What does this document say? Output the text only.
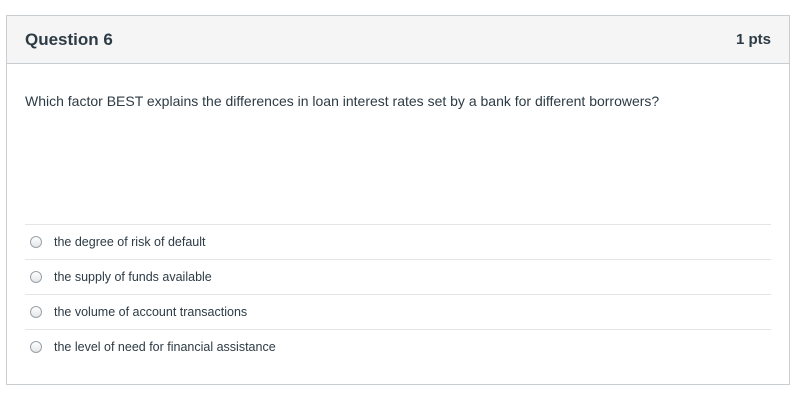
Question 6	1 pts
Which factor BEST explains the differences in loan interest rates set by a bank for different borrowers?
the degree of risk of default
the supply of funds available
the volume of account transactions
the level of need for financial assistance
